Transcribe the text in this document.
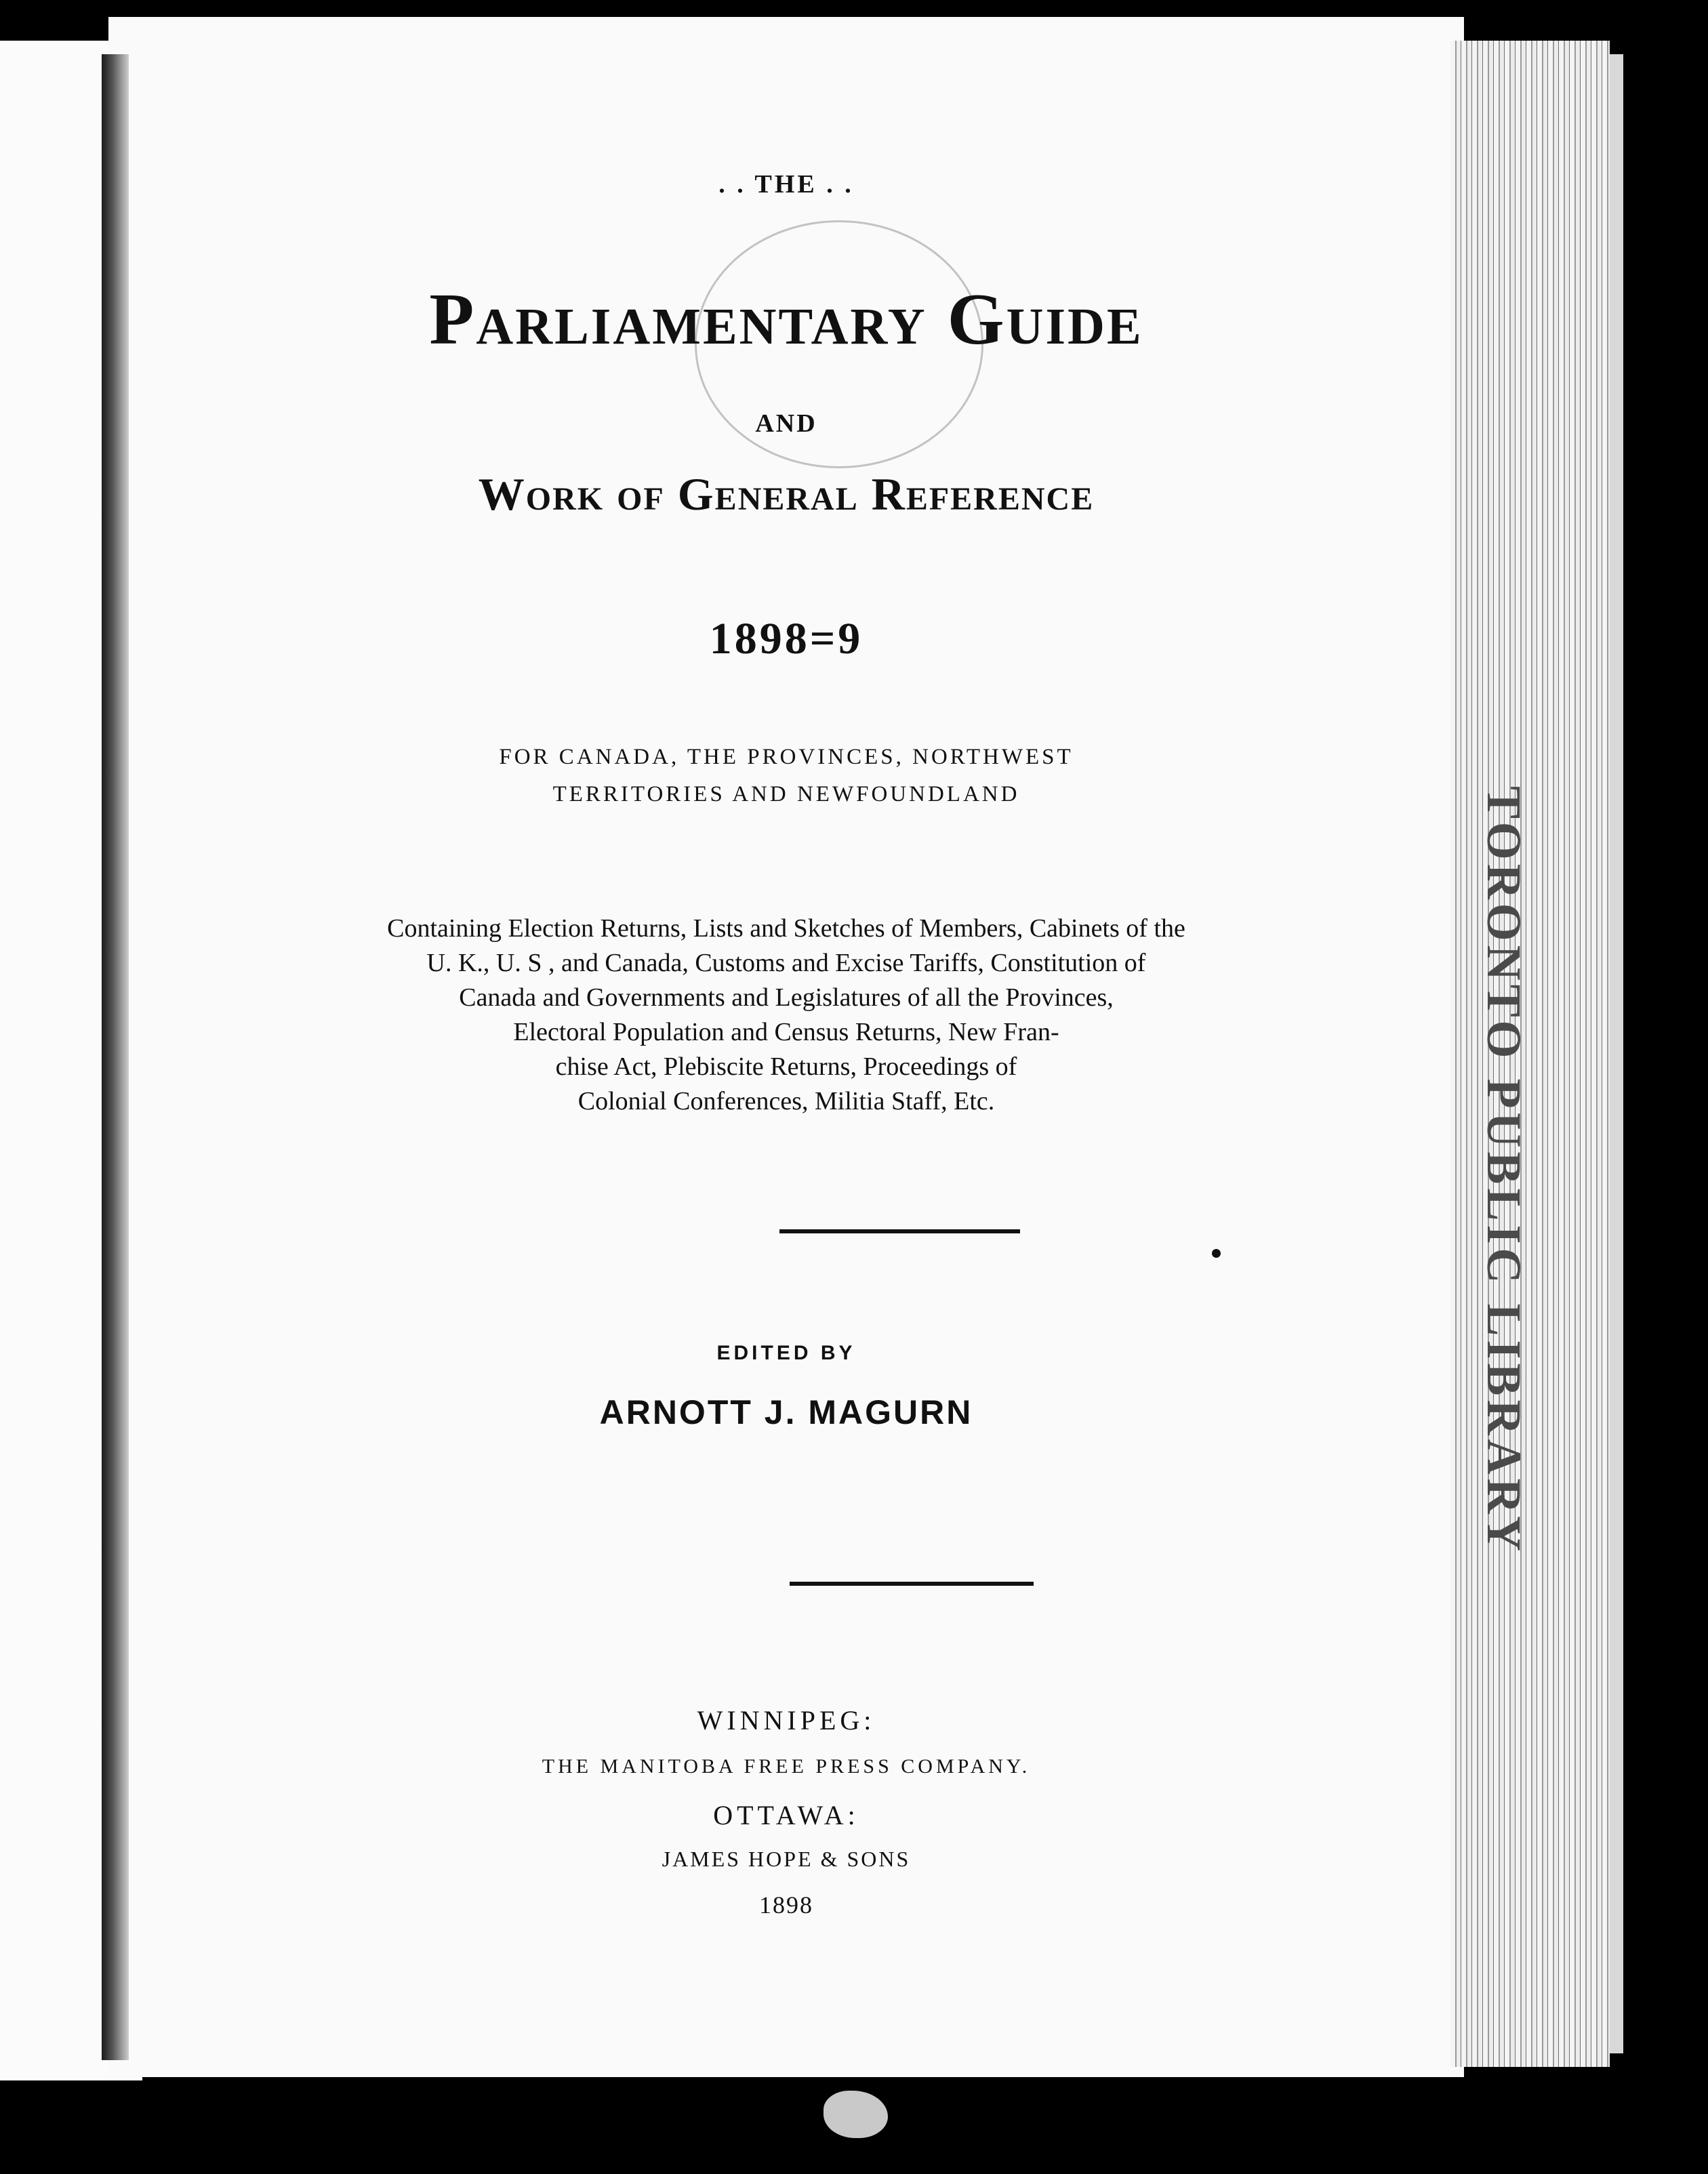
. . THE . .
Parliamentary Guide
AND
Work of General Reference
1898=9
FOR CANADA, THE PROVINCES, NORTHWEST
TERRITORIES AND NEWFOUNDLAND
Containing Election Returns, Lists and Sketches of Members, Cabinets of the
U. K., U. S , and Canada, Customs and Excise Tariffs, Constitution of
Canada and Governments and Legislatures of all the Provinces,
Electoral Population and Census Returns, New Fran-
chise Act, Plebiscite Returns, Proceedings of
Colonial Conferences, Militia Staff, Etc.
EDITED BY
ARNOTT J. MAGURN
WINNIPEG:
THE MANITOBA FREE PRESS COMPANY.
OTTAWA:
JAMES HOPE & SONS
1898
TORONTO PUBLIC LIBRARY
